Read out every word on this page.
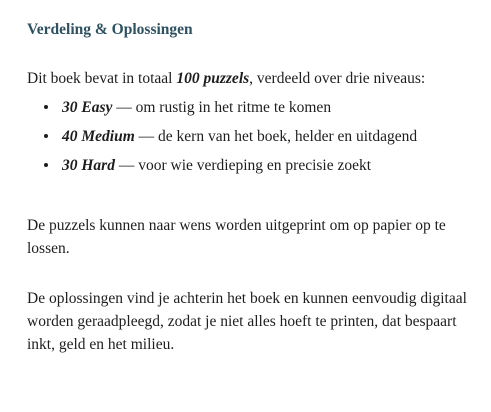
Verdeling & Oplossingen

Dit boek bevat in totaal 100 puzzels, verdeeld over drie niveaus:

30 Easy — om rustig in het ritme te komen
40 Medium — de kern van het boek, helder en uitdagend
30 Hard — voor wie verdieping en precisie zoekt

De puzzels kunnen naar wens worden uitgeprint om op papier op te lossen.

De oplossingen vind je achterin het boek en kunnen eenvoudig digitaal worden geraadpleegd, zodat je niet alles hoeft te printen, dat bespaart inkt, geld en het milieu.
